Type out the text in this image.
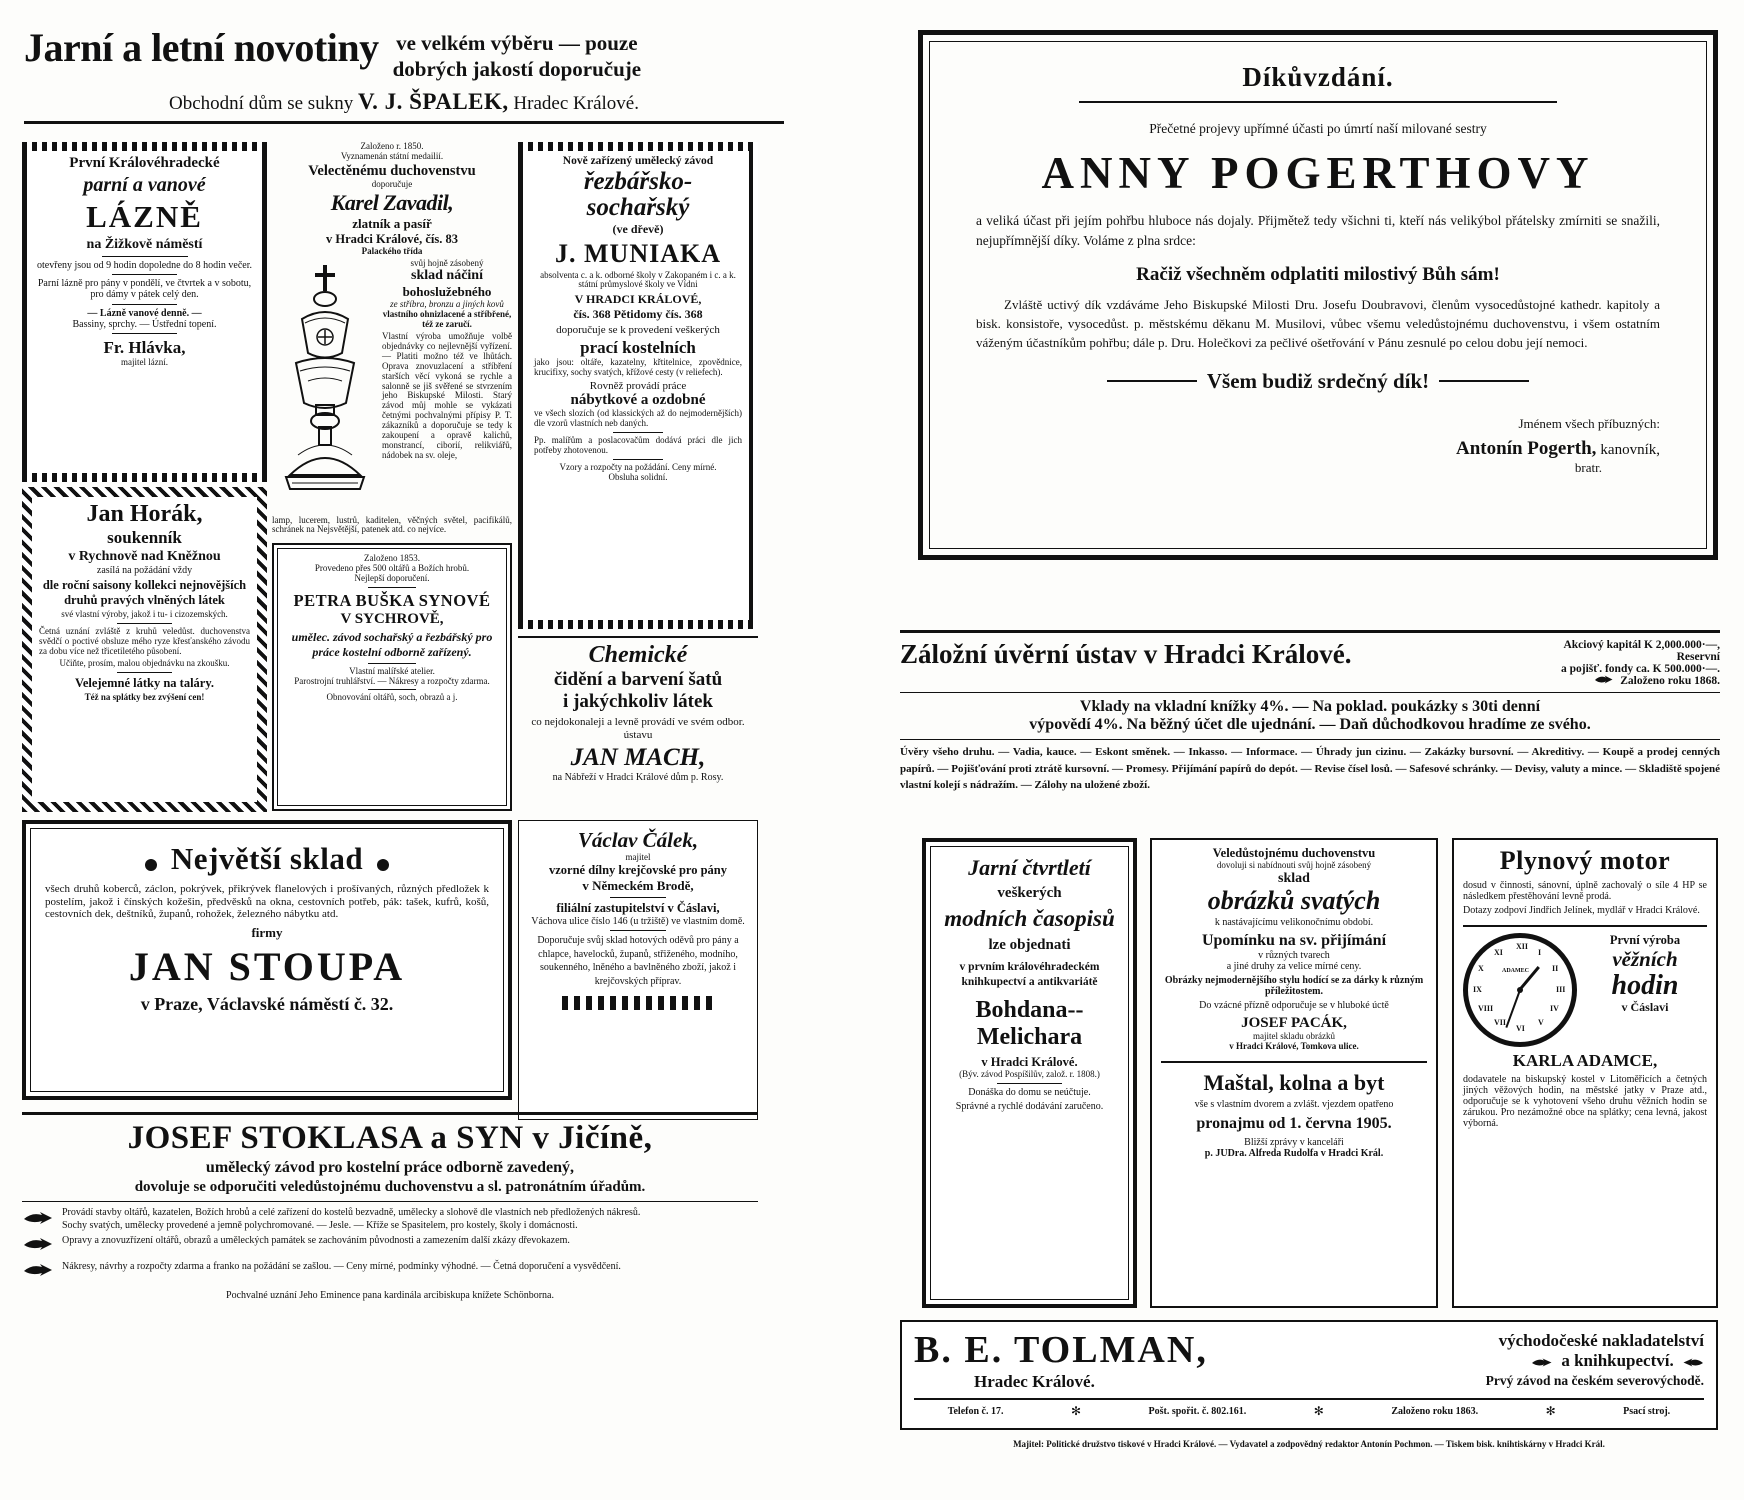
Jarní a letní novotiny ve velkém výběru — pouze
dobrých jakostí doporučuje
Obchodní dům se sukny V. J. ŠPALEK, Hradec Králové.
První Královéhradecké
parní a vanové
LÁZNĚ
na Žižkově náměstí
otevřeny jsou od 9 hodin dopoledne do 8 hodin večer.
Parní lázně pro pány v pondělí, ve čtvrtek a v sobotu, pro dámy v pátek celý den.
— Lázně vanové denně. —
Bassiny, sprchy. — Ústřední topení.
Fr. Hlávka,
majitel lázní.
Jan Horák,
soukenník
v Rychnově nad Kněžnou
zasílá na požádání vždy
dle roční saisony kollekci nejnovějších druhů pravých vlněných látek
své vlastní výroby, jakož i tu- i cizozemských.
Četná uznání zvláště z kruhů veledůst. duchovenstva svědčí o poctivé obsluze mého ryze křesťanského závodu za dobu více než třicetiletého působení.
Učiňte, prosím, malou objednávku na zkoušku.
Velejemné látky na taláry.
Též na splátky bez zvýšení cen!
Založeno r. 1850.
Vyznamenán státní medailií.
Velectěnému duchovenstvu
doporučuje
Karel Zavadil,
zlatník a pasíř
v Hradci Králové, čís. 83
Palackého třída
svůj hojně zásobený
sklad náčiní
bohoslužebného
ze stříbra, bronzu a jiných kovů
vlastního ohnizlacené a stříbřené, též ze zaručí.
Vlastní výroba umožňuje volbě objednávky co nejlevnější vyřízení. — Platiti možno též ve lhůtách. Oprava znovuzlacení a stříbření starších věcí vykoná se rychle a salonně se jiš svěřené se stvrzením jeho Biskupské Milosti. Starý závod můj mohle se vykázati četnými pochvalnými přípisy P. T. zákazníků a doporučuje se tedy k zakoupení a opravě kalichů, monstrancí, ciborií, relikviářů, nádobek na sv. oleje,
lamp, lucerem, lustrů, kaditelen, věčných světel, pacifikálů, schránek na Nejsvětější, patenek atd. co nejvíce.
Založeno 1853.
Provedeno přes 500 oltářů a Božích hrobů.
Nejlepší doporučení.
PETRA BUŠKA SYNOVÉ
V SYCHROVĚ,
umělec. závod sochařský a řezbářský pro práce kostelní odborně zařízený.
Vlastní malířské atelier.
Parostrojní truhlářství. — Nákresy a rozpočty zdarma.
Obnovování oltářů, soch, obrazů a j.
Nově zařízený umělecký závod
řezbářsko-
sochařský
(ve dřevě)
J. MUNIAKA
absolventa c. a k. odborné školy v Zakopaném i c. a k. státní průmyslové školy ve Vídni
V HRADCI KRÁLOVÉ,
čís. 368 Pětidomy čís. 368
doporučuje se k provedení veškerých
prací kostelních
jako jsou: oltáře, kazatelny, křtitelnice, zpovědnice, krucifixy, sochy svatých, křížové cesty (v reliefech).
Rovněž provádí práce
nábytkové a ozdobné
ve všech slozích (od klassických až do nejmodernějších) dle vzorů vlastních neb daných.
Pp. malířům a poslacovačům dodává práci dle jich potřeby zhotovenou.
Vzory a rozpočty na požádání. Ceny mírné.
Obsluha solidní.
Chemické
čidění a barvení šatů
i jakýchkoliv látek
co nejdokonaleji a levně provádí ve svém odbor. ústavu
JAN MACH,
na Nábřeží v Hradci Králové dům p. Rosy.
Největší sklad
všech druhů koberců, záclon, pokrývek, přikrývek flanelových i prošívaných, různých předložek k postelím, jakož i čínských kožešin, předvěsků na okna, cestovních potřeb, pák: tašek, kufrů, košů, cestovních dek, deštníků, županů, rohožek, železného nábytku atd.
firmy
JAN STOUPA
v Praze, Václavské náměstí č. 32.
Václav Čálek,
majitel
vzorné dílny krejčovské pro pány
v Německém Brodě,
filiální zastupitelství v Čáslavi,
Váchova ulice číslo 146 (u tržiště) ve vlastním domě.
Doporučuje svůj sklad hotových oděvů pro pány a chlapce, havelocků, županů, střiženého, modního, soukenného, lněného a bavlněného zboží, jakož i krejčovských příprav.
JOSEF STOKLASA a SYN v Jičíně,
umělecký závod pro kostelní práce odborně zavedený,
dovoluje se odporučiti veledůstojnému duchovenstvu a sl. patronátním úřadům.
Provádí stavby oltářů, kazatelen, Božích hrobů a celé zařízení do kostelů bezvadně, umělecky a slohově dle vlastních neb předložených nákresů.
Sochy svatých, umělecky provedené a jemně polychromované. — Jesle. — Kříže se Spasitelem, pro kostely, školy i domácnosti.
Opravy a znovuzřízení oltářů, obrazů a uměleckých památek se zachováním původnosti a zamezením další zkázy dřevokazem.
Nákresy, návrhy a rozpočty zdarma a franko na požádání se zašlou. — Ceny mírné, podmínky výhodné. — Četná doporučení a vysvědčení.
Pochvalné uznání Jeho Eminence pana kardinála arcibiskupa knížete Schönborna.
Díkůvzdání.
Přečetné projevy upřímné účasti po úmrtí naší milované sestry
ANNY POGERTHOVY
a veliká účast při jejím pohřbu hluboce nás dojaly. Přijmětež tedy všichni ti, kteří nás velikýbol přátelsky zmírniti se snažili, nejupřímnější díky. Voláme z plna srdce:
Račiž všechněm odplatiti milostivý Bůh sám!
Zvláště uctivý dík vzdáváme Jeho Biskupské Milosti Dru. Josefu Doubravovi, členům vysocedůstojné kathedr. kapitoly a bisk. konsistoře, vysocedůst. p. městskému děkanu M. Musilovi, vůbec všemu veledůstojnému duchovenstvu, i všem ostatním váženým účastníkům pohřbu; dále p. Dru. Holečkovi za pečlivé ošetřování v Pánu zesnulé po celou dobu její nemoci.
Všem budiž srdečný dík!
Jménem všech příbuzných:
Antonín Pogerth, kanovník,
bratr.
Záložní úvěrní ústav v Hradci Králové.	Akciový kapitál K 2,000.000·—,
Reservní
a pojišť. fondy ca. K 500.000·—.
Založeno roku 1868.
Vklady na vkladní knížky 4%. — Na poklad. poukázky s 30ti denní
výpovědí 4%. Na běžný účet dle ujednání. — Daň důchodkovou hradíme ze svého.
Úvěry všeho druhu. — Vadia, kauce. — Eskont směnek. — Inkasso. — Informace. — Úhrady jun cizinu. — Zakázky bursovní. — Akreditivy. — Koupě a prodej cenných papírů. — Pojišťování proti ztrátě kursovní. — Promesy. Přijímání papírů do depót. — Revise čísel losů. — Safesové schránky. — Devisy, valuty a mince. — Skladiště spojené vlastní kolejí s nádražím. — Zálohy na uložené zboží.
Jarní čtvrtletí
veškerých
modních časopisů
lze objednati
v prvním královéhradeckém knihkupectví a antikvariátě
Bohdana--
Melichara
v Hradci Králové.
(Býv. závod Pospíšilův, založ. r. 1808.)
Donáška do domu se neúčtuje.
Správné a rychlé dodávání zaručeno.
Veledůstojnému duchovenstvu
dovoluji si nabídnouti svůj hojně zásobený
sklad
obrázků svatých
k nastávajícímu velikonočnímu období.
Upomínku na sv. přijímání
v různých tvarech
a jiné druhy za velice mírné ceny.
Obrázky nejmodernějšího stylu hodící se za dárky k různým příležitostem.
Do vzácné přízně odporučuje se v hluboké úctě
JOSEF PACÁK,
majitel skladu obrázků
v Hradci Králové, Tomkova ulice.
Maštal, kolna a byt
vše s vlastním dvorem a zvlášt. vjezdem opatřeno
pronajmu od 1. června 1905.
Bližší zprávy v kanceláři
p. JUDra. Alfreda Rudolfa v Hradci Král.
Plynový motor
dosud v činnosti, sánovní, úplně zachovalý o síle 4 HP se následkem přestěhování levně prodá.
Dotazy zodpoví Jindřich Jelínek, mydlář v Hradci Králové.
XII
I
II
III
IV
V
VI
VII
VIII
IX
X
XI
ADAMEC
První výroba
věžních
hodin
v Čáslavi
KARLA ADAMCE,
dodavatele na biskupský kostel v Litoměřicích a četných jiných věžových hodin, na městské jatky v Praze atd., odporučuje se k vyhotovení všeho druhu věžních hodin se zárukou. Pro nezámožné obce na splátky; cena levná, jakost výborná.
B. E. TOLMAN,
Hradec Králové.
východočeské nakladatelství
a knihkupectví.
Prvý závod na českém severovýchodě.
Telefon č. 17.	✻	Pošt. spořit. č. 802.161.	✻	Založeno roku 1863.	✻	Psací stroj.
Majitel: Politické družstvo tiskové v Hradci Králové. — Vydavatel a zodpovědný redaktor Antonín Pochmon. — Tiskem bisk. knihtiskárny v Hradci Král.
